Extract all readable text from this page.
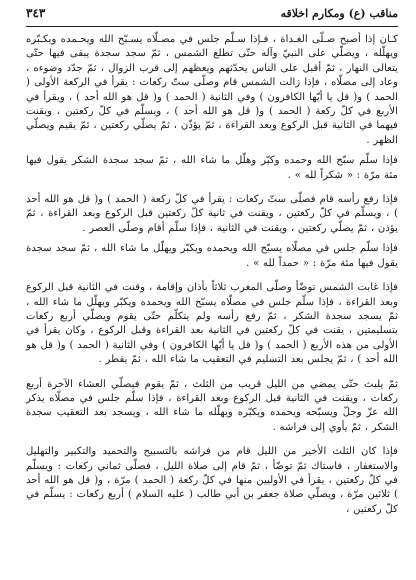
مناقب (ع) ومكارم اخلاقه
٣٤٣

كـان إذا أصبح صـلّى الغـداة ، فـإذا سـلّم جلس في مصـلّاه يسـبّح الله ويحـمده ويكـبّره ويهلّله ، ويصلّي على النبيّ وآله حتّى تطلع الشمس ، ثمّ سجد سجدة يبقى فيها حتّى يتعالى النهار ، ثمّ أقبل على الناس يحدّثهم ويعظهم إلى قرب الزوال ، ثمّ جدّد وضوءه ، وعاد إلى مصلّاه ، فإذا زالت الشمس قام وصلّى ستّ ركعات : يقرأ في الركعة الأولى ( الحمد ) و( قل يا أيّها الكافرون ) وفي الثانية ( الحمد ) و( قل هو الله أحد ) ، ويقرأ في الأربع في كلّ ركعة ( الحمد ) و( قل هو الله أحد ) ، ويسلّم في كلّ ركعتين ، ويقنت فيهما في الثانية قبل الركوع وبعد القراءة ، ثمّ يؤذّن ، ثمّ يصلّي ركعتين ، ثمّ يقيم ويصلّي الظهر .

فإذا سلّم سبّح الله وحمده وكبّر وهلّل ما شاء الله ، ثمّ سجد سجدة الشكر يقول فيها مئة مرّة : « شكراً لله » .

فإذا رفع رأسه قام فصلّى ستّ ركعات : يقرأ في كلّ ركعة ( الحمد ) و( قل هو الله أحد ) ، ويسلّم في كلّ ركعتين ، ويقنت في ثانية كلّ ركعتين قبل الركوع وبعد القراءة ، ثمّ يؤذن ، ثمّ يصلّي ركعتين ، ويقنت في الثانية ، فإذا سلّم أقام وصلّى العصر .

فإذا سلّم جلس في مصلّاه يسبّح الله ويحمده ويكبّر ويهلّل ما شاء الله ، ثمّ سجد سجدة يقول فيها مئة مرّة : « حمداً لله » .

فإذا غابت الشمس توضّأ وصلّى المغرب ثلاثاً بأذان وإقامة ، وقنت في الثانية قبل الركوع وبعد القراءة ، فإذا سلّم جلس في مصلّاه يسبّح الله ويحمده ويكبّر ويهلّل ما شاء الله ، ثمّ يسجد سجدة الشكر ، ثمّ رفع رأسه ولم يتكلّم حتّى يقوم ويصلّي أربع ركعات بتسليمتين ، يقنت في كلّ ركعتين في الثانية بعد القراءة وقبل الركوع ، وكان يقرأ في الأولى من هذه الأربع ( الحمد ) و( قل يا أيّها الكافرون ) وفي الثانية ( الحمد ) و( قل هو الله أحد ) ، ثمّ يجلس بعد التسليم في التعقيب ما شاء الله ، ثمّ يفطر .

ثمّ يلبث حتّى يمضي من الليل قريب من الثلث ، ثمّ يقوم فيصلّي العشاء الآخرة أربع ركعات ، ويقنت في الثانية قبل الركوع وبعد القراءة ، فإذا سلّم جلس في مصلّاه يذكر الله عزّ وجلّ ويسبّحه ويحمده ويكبّره ويهلّله ما شاء الله ، ويسجد بعد التعقيب سجدة الشكر ، ثمّ يأوي إلى فراشه .

فإذا كان الثلث الأخير من الليل قام من فراشه بالتسبيح والتحميد والتكبير والتهليل والاستغفار ، فاستاك ثمّ توضّأ ، ثمّ قام إلى صلاة الليل ، فصلّى ثماني ركعات : ويسلّم في كلّ ركعتين ، يقرأ في الأوليين منها في كلّ ركعة ( الحمد ) مرّة ، و( قل هو الله أحد ) ثلاثين مرّة ، ويصلّي صلاة جعفر بن أبي طالب ( عليه السلام ) أربع ركعات : يسلّم في كلّ ركعتين ،
